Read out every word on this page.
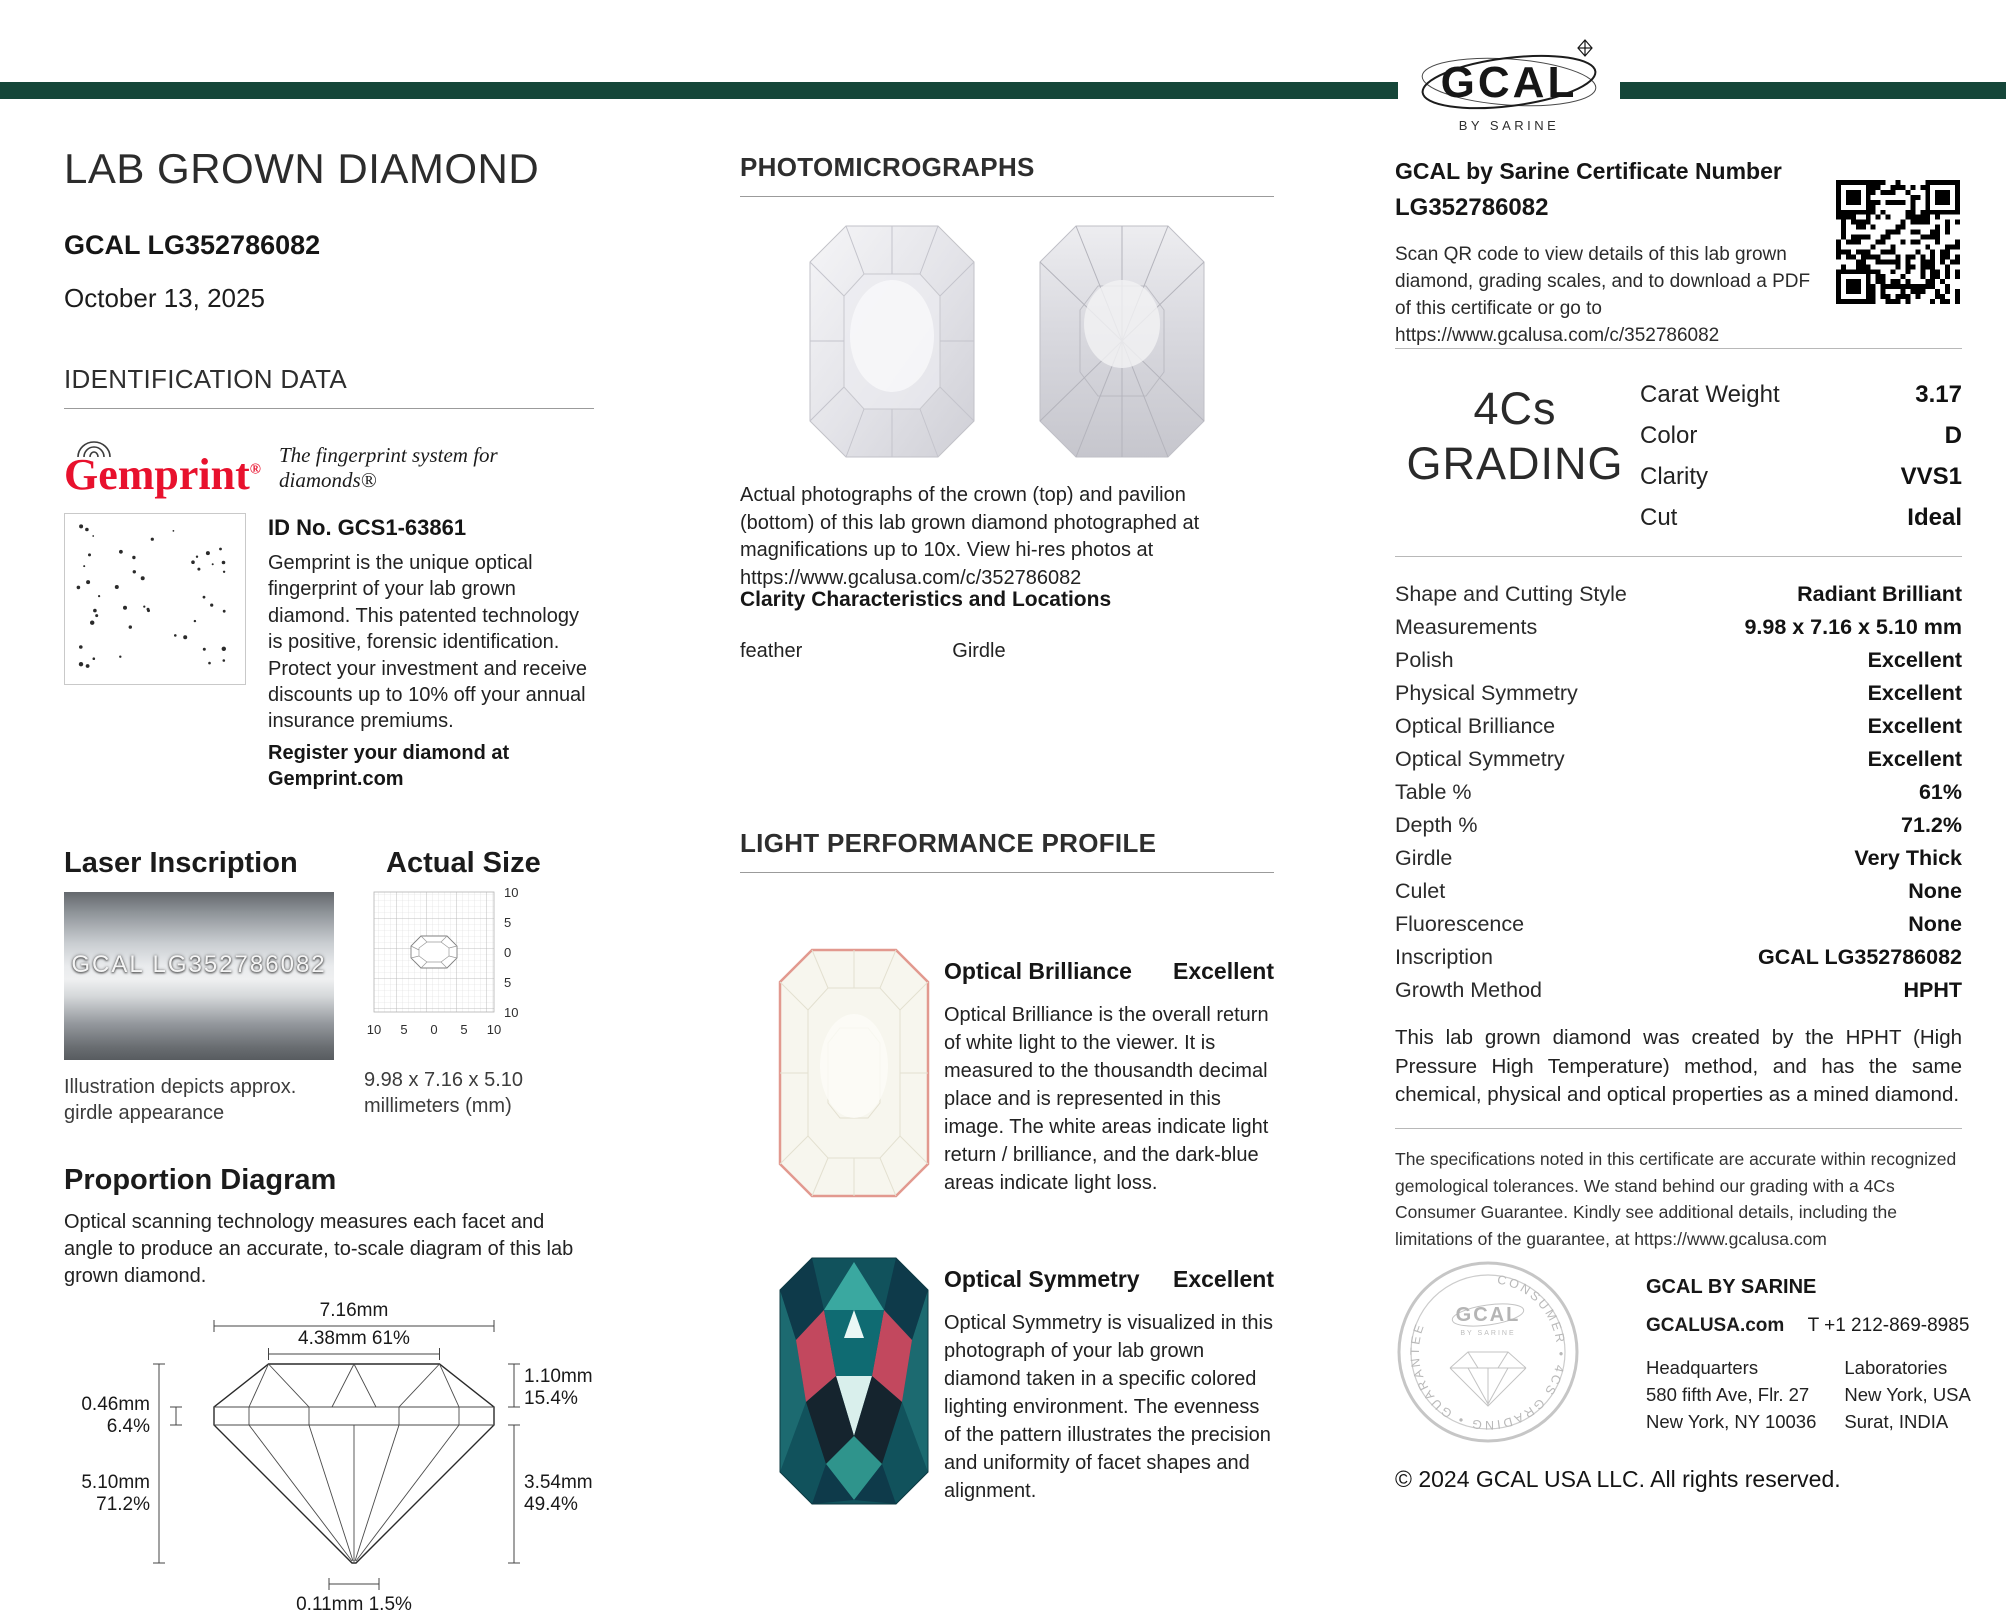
GCAL
BY SARINE
LAB GROWN DIAMOND
GCAL LG352786082
October 13, 2025
IDENTIFICATION DATA
Gemprint®
The fingerprint system for diamonds®
ID No. GCS1-63861

Gemprint is the unique optical fingerprint of your lab grown diamond. This patented technology is positive, forensic identification. Protect your investment and receive discounts up to 10% off your annual insurance premiums.

Register your diamond at Gemprint.com
Laser Inscription
GCAL LG352786082
Illustration depicts approx.
girdle appearance
Actual Size
10
5
0
5
10
10 5 0 5 10
9.98 x 7.16 x 5.10
millimeters (mm)
Proportion Diagram

Optical scanning technology measures each facet and angle to produce an accurate, to-scale diagram of this lab grown diamond.

7.16mm
4.38mm 61%
1.10mm
15.4%
3.54mm
49.4%
0.46mm
6.4%
5.10mm
71.2%
0.11mm 1.5%
PHOTOMICROGRAPHS

Actual photographs of the crown (top) and pavilion (bottom) of this lab grown diamond photographed at magnifications up to 10x. View hi-res photos at https://www.gcalusa.com/c/352786082

Clarity Characteristics and Locations
feather	Girdle
LIGHT PERFORMANCE PROFILE
Optical Brilliance Excellent

Optical Brilliance is the overall return of white light to the viewer. It is measured to the thousandth decimal place and is represented in this image. The white areas indicate light return / brilliance, and the dark-blue areas indicate light loss.

Optical Symmetry Excellent

Optical Symmetry is visualized in this photograph of your lab grown diamond taken in a specific colored lighting environment. The evenness of the pattern illustrates the precision and uniformity of facet shapes and alignment.

GCAL by Sarine Certificate Number
LG352786082

Scan QR code to view details of this lab grown diamond, grading scales, and to download a PDF of this certificate or go to https://www.gcalusa.com/c/352786082

4Cs
GRADING
Carat Weight	3.17
Color	D
Clarity	VVS1
Cut	Ideal
Shape and Cutting Style	Radiant Brilliant
Measurements	9.98 x 7.16 x 5.10 mm
Polish	Excellent
Physical Symmetry	Excellent
Optical Brilliance	Excellent
Optical Symmetry	Excellent
Table %	61%
Depth %	71.2%
Girdle	Very Thick
Culet	None
Fluorescence	None
Inscription	GCAL LG352786082
Growth Method	HPHT

This lab grown diamond was created by the HPHT (High Pressure High Temperature) method, and has the same chemical, physical and optical properties as a mined diamond.

The specifications noted in this certificate are accurate within recognized gemological tolerances. We stand behind our grading with a 4Cs Consumer Guarantee. Kindly see additional details, including the limitations of the guarantee, at https://www.gcalusa.com

CONSUMER • 4CS GRADING • GUARANTEE
GCAL
BY SARINE
GCAL BY SARINE
GCALUSA.com T +1 212-869-8985
Headquarters
580 fifth Ave, Flr. 27
New York, NY 10036
Laboratories
New York, USA
Surat, INDIA
© 2024 GCAL USA LLC. All rights reserved.
